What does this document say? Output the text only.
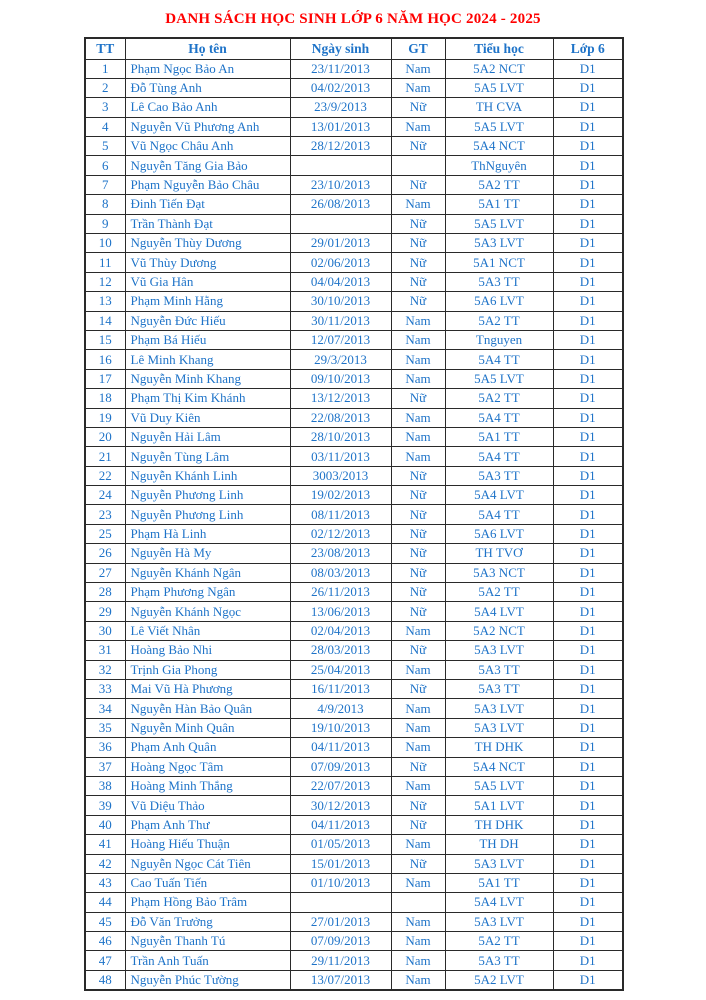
DANH SÁCH HỌC SINH LỚP 6 NĂM HỌC 2024 - 2025
TT	Họ tên	Ngày sinh	GT	Tiểu học	Lớp 6
1	Phạm Ngọc Bảo An	23/11/2013	Nam	5A2 NCT	D1
2	Đỗ Tùng Anh	04/02/2013	Nam	5A5 LVT	D1
3	Lê Cao Bảo Anh	23/9/2013	Nữ	TH CVA	D1
4	Nguyễn Vũ Phương Anh	13/01/2013	Nam	5A5 LVT	D1
5	Vũ Ngọc Châu Anh	28/12/2013	Nữ	5A4 NCT	D1
6	Nguyễn Tăng Gia Bảo			ThNguyên	D1
7	Phạm Nguyễn Bảo Châu	23/10/2013	Nữ	5A2 TT	D1
8	Đinh Tiến Đạt	26/08/2013	Nam	5A1 TT	D1
9	Trần Thành Đạt		Nữ	5A5 LVT	D1
10	Nguyễn Thùy Dương	29/01/2013	Nữ	5A3 LVT	D1
11	Vũ Thùy Dương	02/06/2013	Nữ	5A1 NCT	D1
12	Vũ Gia Hân	04/04/2013	Nữ	5A3 TT	D1
13	Phạm Minh Hằng	30/10/2013	Nữ	5A6 LVT	D1
14	Nguyễn Đức Hiếu	30/11/2013	Nam	5A2 TT	D1
15	Phạm Bá Hiếu	12/07/2013	Nam	Tnguyen	D1
16	Lê Minh Khang	29/3/2013	Nam	5A4 TT	D1
17	Nguyễn Minh Khang	09/10/2013	Nam	5A5 LVT	D1
18	Phạm Thị Kim Khánh	13/12/2013	Nữ	5A2 TT	D1
19	Vũ Duy Kiên	22/08/2013	Nam	5A4 TT	D1
20	Nguyễn Hải Lâm	28/10/2013	Nam	5A1 TT	D1
21	Nguyễn Tùng Lâm	03/11/2013	Nam	5A4 TT	D1
22	Nguyễn Khánh Linh	3003/2013	Nữ	5A3 TT	D1
24	Nguyễn Phương Linh	19/02/2013	Nữ	5A4 LVT	D1
23	Nguyễn Phương Linh	08/11/2013	Nữ	5A4 TT	D1
25	Phạm Hà Linh	02/12/2013	Nữ	5A6 LVT	D1
26	Nguyễn Hà My	23/08/2013	Nữ	TH TVƠ	D1
27	Nguyễn Khánh Ngân	08/03/2013	Nữ	5A3 NCT	D1
28	Phạm Phương Ngân	26/11/2013	Nữ	5A2 TT	D1
29	Nguyễn Khánh Ngọc	13/06/2013	Nữ	5A4 LVT	D1
30	Lê Viết Nhân	02/04/2013	Nam	5A2 NCT	D1
31	Hoàng Bảo Nhi	28/03/2013	Nữ	5A3 LVT	D1
32	Trịnh Gia Phong	25/04/2013	Nam	5A3 TT	D1
33	Mai Vũ Hà Phương	16/11/2013	Nữ	5A3 TT	D1
34	Nguyễn Hàn Bảo Quân	4/9/2013	Nam	5A3 LVT	D1
35	Nguyễn Minh Quân	19/10/2013	Nam	5A3 LVT	D1
36	Phạm Anh Quân	04/11/2013	Nam	TH DHK	D1
37	Hoàng Ngọc Tâm	07/09/2013	Nữ	5A4 NCT	D1
38	Hoàng Minh Thắng	22/07/2013	Nam	5A5 LVT	D1
39	Vũ Diệu Thảo	30/12/2013	Nữ	5A1 LVT	D1
40	Phạm Anh Thư	04/11/2013	Nữ	TH DHK	D1
41	Hoàng Hiếu Thuận	01/05/2013	Nam	TH DH	D1
42	Nguyễn Ngọc Cát Tiên	15/01/2013	Nữ	5A3 LVT	D1
43	Cao Tuấn Tiến	01/10/2013	Nam	5A1 TT	D1
44	Phạm Hồng Bảo Trâm			5A4 LVT	D1
45	Đỗ Văn Trưởng	27/01/2013	Nam	5A3 LVT	D1
46	Nguyễn Thanh Tú	07/09/2013	Nam	5A2 TT	D1
47	Trần Anh Tuấn	29/11/2013	Nam	5A3 TT	D1
48	Nguyễn Phúc Tường	13/07/2013	Nam	5A2 LVT	D1
